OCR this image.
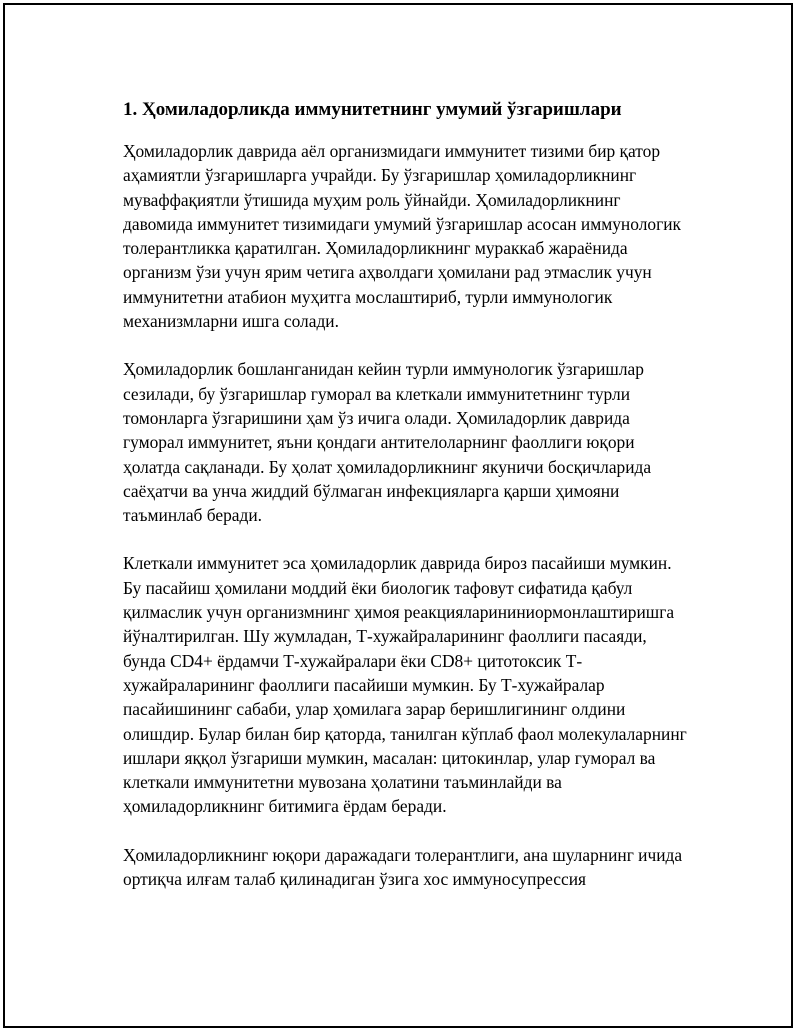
1. Ҳомиладорликда иммунитетнинг умумий ўзгаришлари

Ҳомиладорлик даврида аёл организмидаги иммунитет тизими бир қатор аҳамиятли ўзгаришларга учрайди. Бу ўзгаришлар ҳомиладорликнинг муваффақиятли ўтишида муҳим роль ўйнайди. Ҳомиладорликнинг давомида иммунитет тизимидаги умумий ўзгаришлар асосан иммунологик толерантликка қаратилган. Ҳомиладорликнинг мураккаб жараёнида организм ўзи учун ярим четига аҳволдаги ҳомилани рад этмаслик учун иммунитетни атабион муҳитга мослаштириб, турли иммунологик механизмларни ишга солади.

Ҳомиладорлик бошланганидан кейин турли иммунологик ўзгаришлар сезилади, бу ўзгаришлар гуморал ва клеткали иммунитетнинг турли томонларга ўзгаришини ҳам ўз ичига олади. Ҳомиладорлик даврида гуморал иммунитет, яъни қондаги антителоларнинг фаоллиги юқори ҳолатда сақланади. Бу ҳолат ҳомиладорликнинг якуничи босқичларида саёҳатчи ва унча жиддий бўлмаган инфекцияларга қарши ҳимояни таъминлаб беради.

Клеткали иммунитет эса ҳомиладорлик даврида бироз пасайиши мумкин. Бу пасайиш ҳомилани моддий ёки биологик тафовут сифатида қабул қилмаслик учун организмнинг ҳимоя реакцияларининиормонлаштиришга йўналтирилган. Шу жумладан, Т-хужайраларининг фаоллиги пасаяди, бунда CD4+ ёрдамчи Т-хужайралари ёки CD8+ цитотоксик Т-хужайраларининг фаоллиги пасайиши мумкин. Бу Т-хужайралар пасайишининг сабаби, улар ҳомилага зарар беришлигининг олдини олишдир. Булар билан бир қаторда, танилган кўплаб фаол молекулаларнинг ишлари яққол ўзгариши мумкин, масалан: цитокинлар, улар гуморал ва клеткали иммунитетни мувозана ҳолатини таъминлайди ва ҳомиладорликнинг битимига ёрдам беради.

Ҳомиладорликнинг юқори даражадаги толерантлиги, ана шуларнинг ичида ортиқча илғам талаб қилинадиган ўзига хос иммуносупрессия
